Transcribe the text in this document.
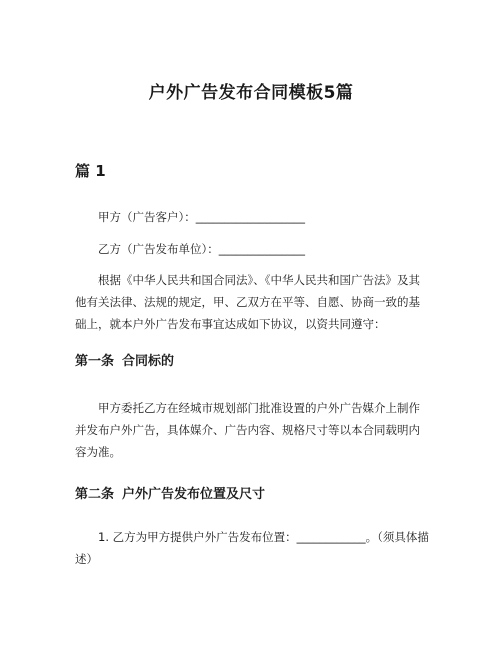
户外广告发布合同模板5篇
篇 1

甲方（广告客户）：___________________

乙方（广告发布单位）：_______________

根据《中华人民共和国合同法》、《中华人民共和国广告法》及其他有关法律、法规的规定，甲、乙双方在平等、自愿、协商一致的基础上，就本户外广告发布事宜达成如下协议，以资共同遵守：

第一条 合同标的

甲方委托乙方在经城市规划部门批准设置的户外广告媒介上制作并发布户外广告，具体媒介、广告内容、规格尺寸等以本合同载明内容为准。

第二条 户外广告发布位置及尺寸

1. 乙方为甲方提供户外广告发布位置：____________。（须具体描述）
